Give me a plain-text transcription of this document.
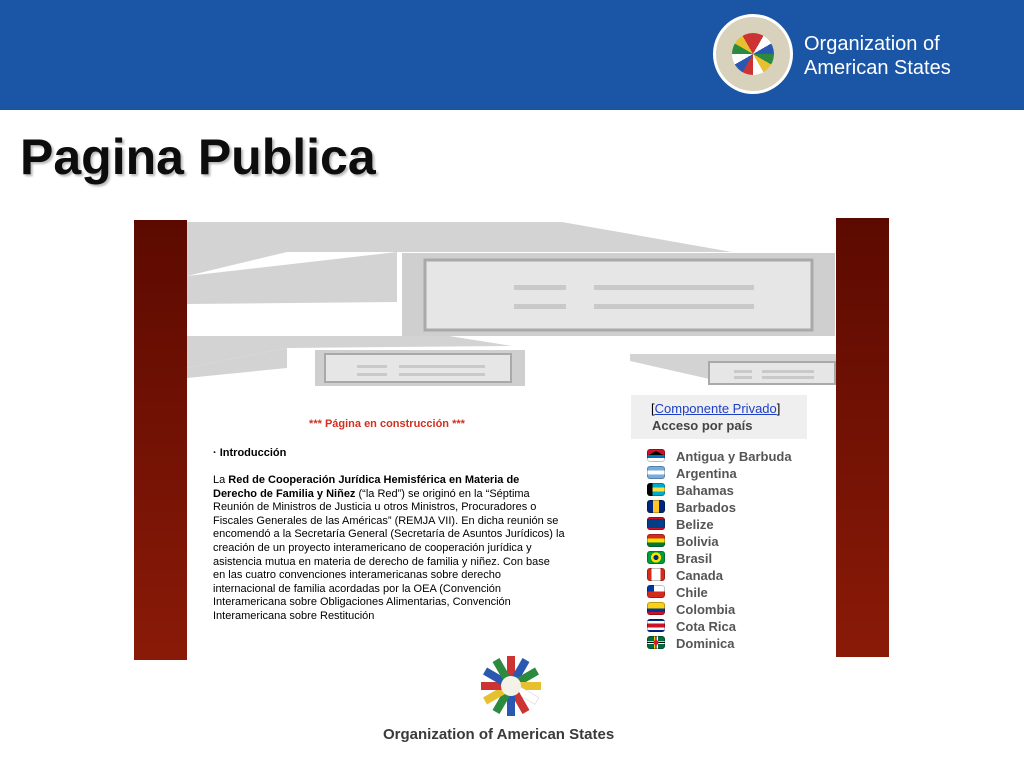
Organization of
American States
Pagina Publica
*** Página en construcción ***
· Introducción
La Red de Cooperación Jurídica Hemisférica en Materia de Derecho de Familia y Niñez (“la Red”) se originó en la “Séptima Reunión de Ministros de Justicia u otros Ministros, Procuradores o Fiscales Generales de las Américas” (REMJA VII). En dicha reunión se encomendó a la Secretaría General (Secretaría de Asuntos Jurídicos) la creación de un proyecto interamericano de cooperación jurídica y asistencia mutua en materia de derecho de familia y niñez. Con base en las cuatro convenciones interamericanas sobre derecho internacional de familia acordadas por la OEA (Convención Interamericana sobre Obligaciones Alimentarias, Convención Interamericana sobre Restitución
[Componente Privado]
Acceso por país
Antigua y Barbuda
Argentina
Bahamas
Barbados
Belize
Bolivia
Brasil
Canada
Chile
Colombia
Cota Rica
Dominica
Organization of American States
